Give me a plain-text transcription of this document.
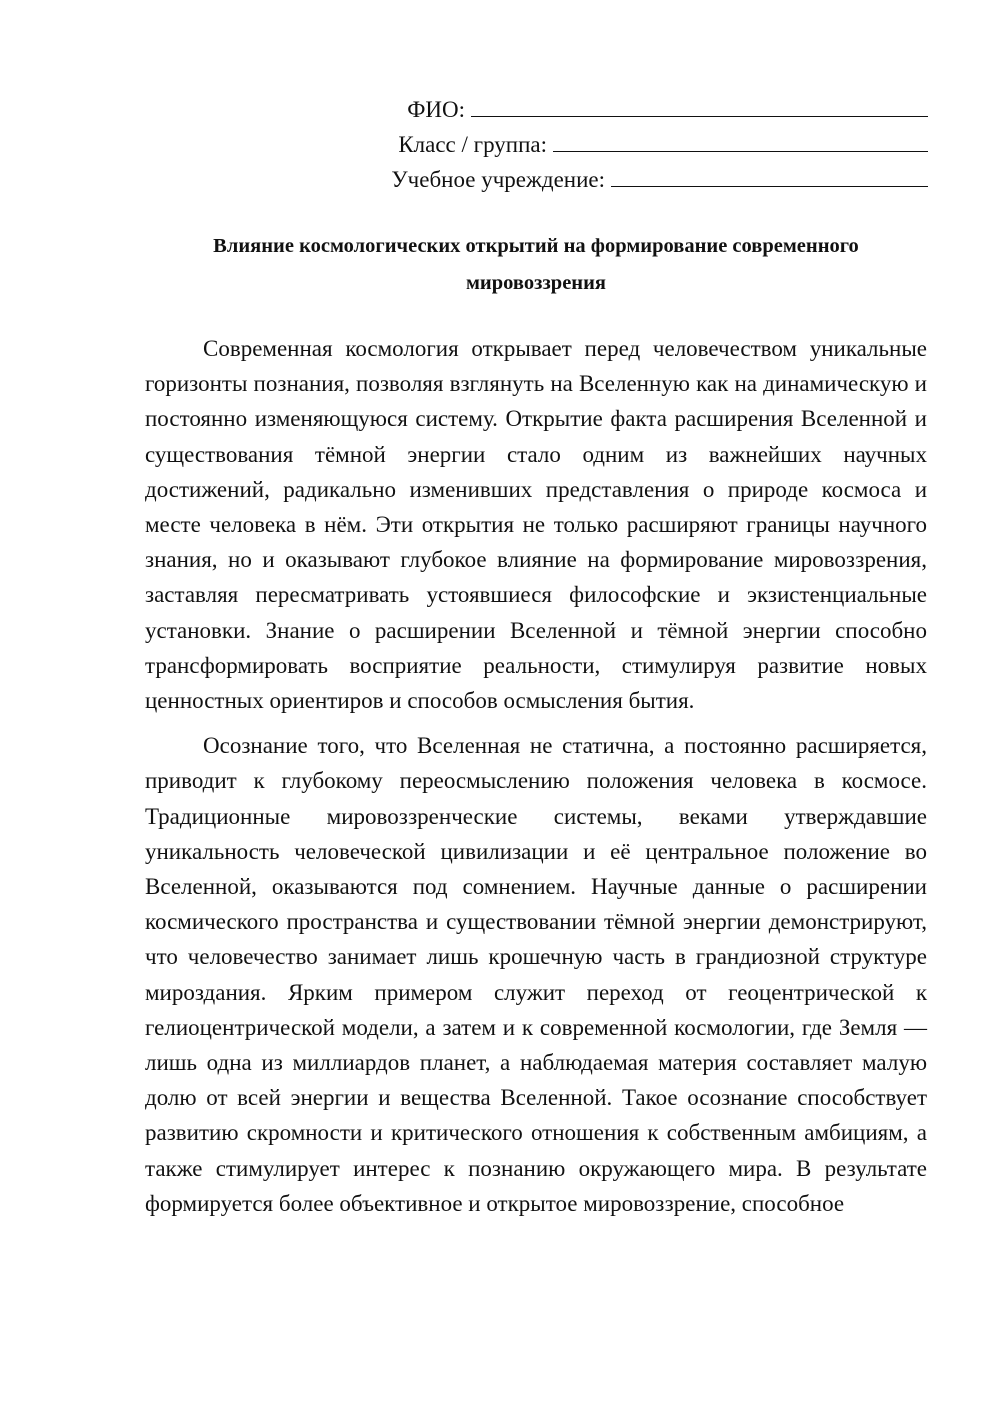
ФИО:
Класс / группа:
Учебное учреждение:
Влияние космологических открытий на формирование современного мировоззрения

Современная космология открывает перед человечеством уникальные горизонты познания, позволяя взглянуть на Вселенную как на динамическую и постоянно изменяющуюся систему. Открытие факта расширения Вселенной и существования тёмной энергии стало одним из важнейших научных достижений, радикально изменивших представления о природе космоса и месте человека в нём. Эти открытия не только расширяют границы научного знания, но и оказывают глубокое влияние на формирование мировоззрения, заставляя пересматривать устоявшиеся философские и экзистенциальные установки. Знание о расширении Вселенной и тёмной энергии способно трансформировать восприятие реальности, стимулируя развитие новых ценностных ориентиров и способов осмысления бытия.

Осознание того, что Вселенная не статична, а постоянно расширяется, приводит к глубокому переосмыслению положения человека в космосе. Традиционные мировоззренческие системы, веками утверждавшие уникальность человеческой цивилизации и её центральное положение во Вселенной, оказываются под сомнением. Научные данные о расширении космического пространства и существовании тёмной энергии демонстрируют, что человечество занимает лишь крошечную часть в грандиозной структуре мироздания. Ярким примером служит переход от геоцентрической к гелиоцентрической модели, а затем и к современной космологии, где Земля — лишь одна из миллиардов планет, а наблюдаемая материя составляет малую долю от всей энергии и вещества Вселенной. Такое осознание способствует развитию скромности и критического отношения к собственным амбициям, а также стимулирует интерес к познанию окружающего мира. В результате формируется более объективное и открытое мировоззрение, способное
